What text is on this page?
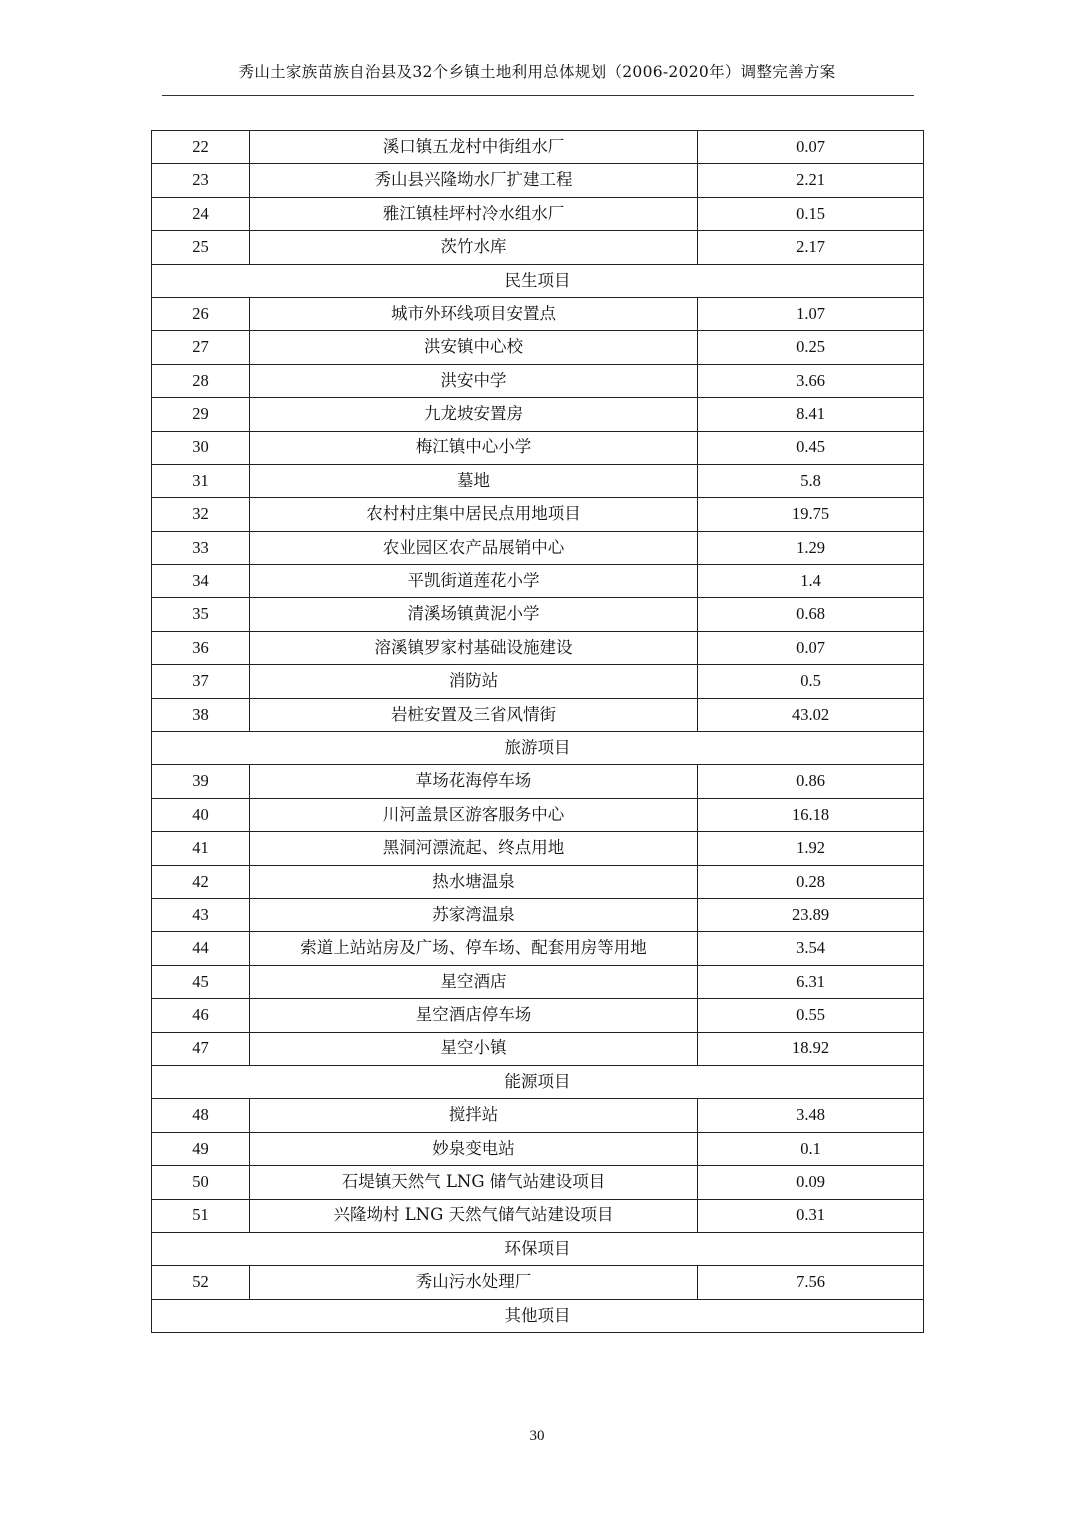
秀山土家族苗族自治县及32个乡镇土地利用总体规划（2006-2020年）调整完善方案
22	溪口镇五龙村中街组水厂	0.07
23	秀山县兴隆坳水厂扩建工程	2.21
24	雅江镇桂坪村冷水组水厂	0.15
25	茨竹水库	2.17
民生项目		
26	城市外环线项目安置点	1.07
27	洪安镇中心校	0.25
28	洪安中学	3.66
29	九龙坡安置房	8.41
30	梅江镇中心小学	0.45
31	墓地	5.8
32	农村村庄集中居民点用地项目	19.75
33	农业园区农产品展销中心	1.29
34	平凯街道莲花小学	1.4
35	清溪场镇黄泥小学	0.68
36	溶溪镇罗家村基础设施建设	0.07
37	消防站	0.5
38	岩桩安置及三省风情街	43.02
旅游项目		
39	草场花海停车场	0.86
40	川河盖景区游客服务中心	16.18
41	黑洞河漂流起、终点用地	1.92
42	热水塘温泉	0.28
43	苏家湾温泉	23.89
44	索道上站站房及广场、停车场、配套用房等用地	3.54
45	星空酒店	6.31
46	星空酒店停车场	0.55
47	星空小镇	18.92
能源项目		
48	搅拌站	3.48
49	妙泉变电站	0.1
50	石堤镇天然气 LNG 储气站建设项目	0.09
51	兴隆坳村 LNG 天然气储气站建设项目	0.31
环保项目		
52	秀山污水处理厂	7.56
其他项目		
30
